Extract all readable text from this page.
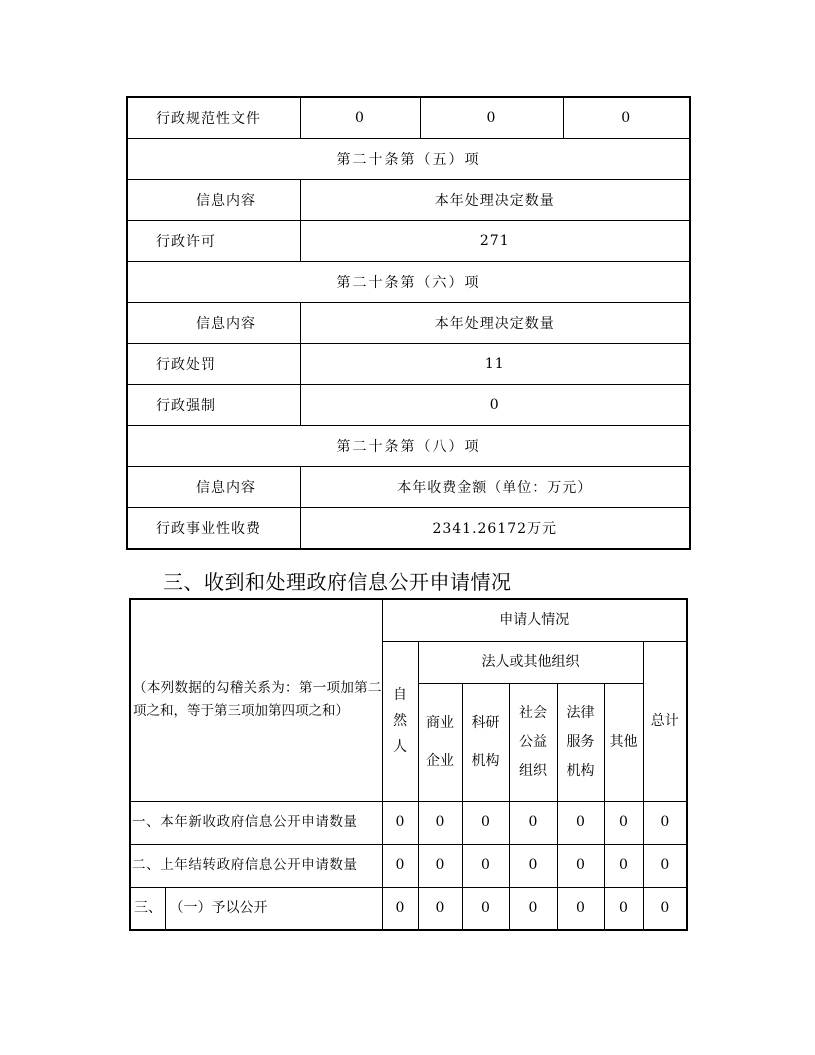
行政规范性文件	0	0	0
第二十条第（五）项			
信息内容	本年处理决定数量		
行政许可	271		
第二十条第（六）项			
信息内容	本年处理决定数量		
行政处罚	11		
行政强制	0		
第二十条第（八）项			
信息内容	本年收费金额（单位：万元）		
行政事业性收费	2341.26172万元		
三、收到和处理政府信息公开申请情况
（本列数据的勾稽关系为：第一项加第二项之和，等于第三项加第四项之和）		申请人情况						

		自然人	法人或其他组织					总计

			商业企业	科研机构	社会公益组织	法律服务机构	其他	

一、本年新收政府信息公开申请数量		0	0	0	0	0	0	0
二、上年结转政府信息公开申请数量		0	0	0	0	0	0	0
三、	（一）予以公开	0	0	0	0	0	0	0
